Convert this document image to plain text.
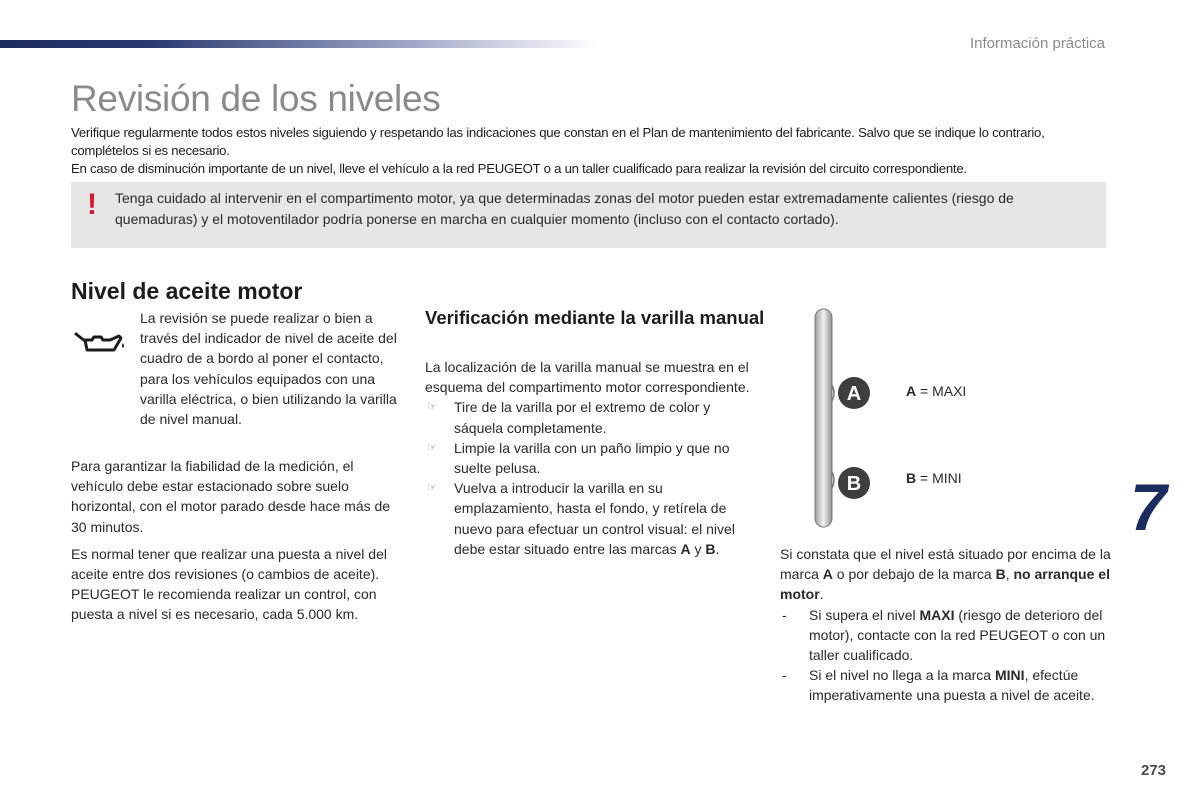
Información práctica
Revisión de los niveles

Verifique regularmente todos estos niveles siguiendo y respetando las indicaciones que constan en el Plan de mantenimiento del fabricante. Salvo que se indique lo contrario, complételos si es necesario.

En caso de disminución importante de un nivel, lleve el vehículo a la red PEUGEOT o a un taller cualificado para realizar la revisión del circuito correspondiente.

! Tenga cuidado al intervenir en el compartimento motor, ya que determinadas zonas del motor pueden estar extremadamente calientes (riesgo de quemaduras) y el motoventilador podría ponerse en marcha en cualquier momento (incluso con el contacto cortado).
Nivel de aceite motor
La revisión se puede realizar o bien a través del indicador de nivel de aceite del cuadro de a bordo al poner el contacto, para los vehículos equipados con una varilla eléctrica, o bien utilizando la varilla de nivel manual.

Para garantizar la fiabilidad de la medición, el vehículo debe estar estacionado sobre suelo horizontal, con el motor parado desde hace más de 30 minutos.

Es normal tener que realizar una puesta a nivel del aceite entre dos revisiones (o cambios de aceite). PEUGEOT le recomienda realizar un control, con puesta a nivel si es necesario, cada 5.000 km.

Verificación mediante la varilla manual

La localización de la varilla manual se muestra en el esquema del compartimento motor correspondiente.

☞ Tire de la varilla por el extremo de color y sáquela completamente.
☞ Limpie la varilla con un paño limpio y que no suelte pelusa.
☞ Vuelva a introducir la varilla en su emplazamiento, hasta el fondo, y retírela de nuevo para efectuar un control visual: el nivel debe estar situado entre las marcas A y B.
A
B
A = MAXI
B = MINI

Si constata que el nivel está situado por encima de la marca A o por debajo de la marca B, no arranque el motor.

- Si supera el nivel MAXI (riesgo de deterioro del motor), contacte con la red PEUGEOT o con un taller cualificado.
- Si el nivel no llega a la marca MINI, efectúe imperativamente una puesta a nivel de aceite.
7
273
